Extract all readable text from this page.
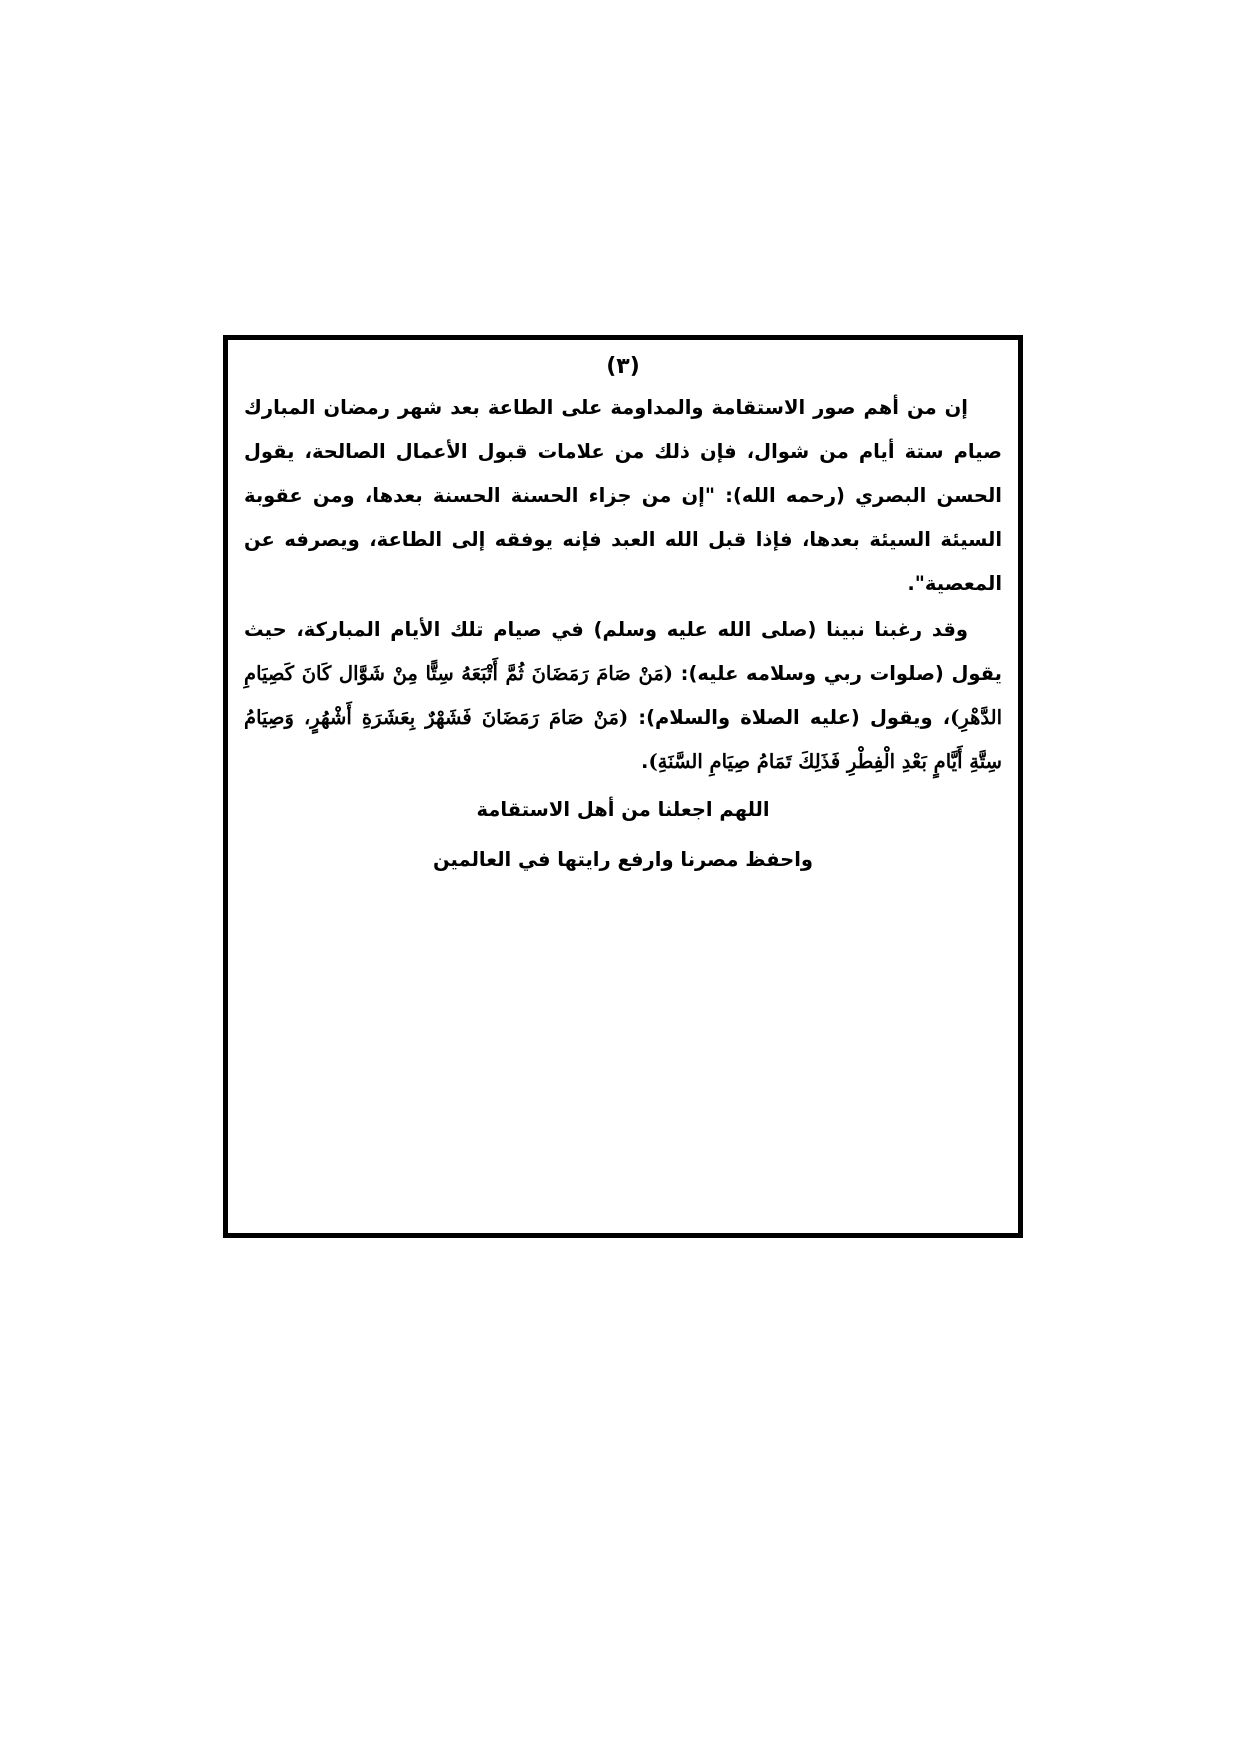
(٣)

إن من أهم صور الاستقامة والمداومة على الطاعة بعد شهر رمضان المبارك صيام ستة أيام من شوال، فإن ذلك من علامات قبول الأعمال الصالحة، يقول الحسن البصري (رحمه الله): "إن من جزاء الحسنة الحسنة بعدها، ومن عقوبة السيئة السيئة بعدها، فإذا قبل الله العبد فإنه يوفقه إلى الطاعة، ويصرفه عن المعصية".

وقد رغبنا نبينا (صلى الله عليه وسلم) في صيام تلك الأيام المباركة، حيث يقول (صلوات ربي وسلامه عليه): (مَنْ صَامَ رَمَضَانَ ثُمَّ أَتْبَعَهُ سِتًّا مِنْ شَوَّال كَانَ كَصِيَامِ الدَّهْرِ)، ويقول (عليه الصلاة والسلام): (مَنْ صَامَ رَمَضَانَ فَشَهْرٌ بِعَشَرَةِ أَشْهُرٍ، وَصِيَامُ سِتَّةِ أَيَّامٍ بَعْدِ الْفِطْرِ فَذَلِكَ تَمَامُ صِيَامِ السَّنَةِ).

اللهم اجعلنا من أهل الاستقامة
واحفظ مصرنا وارفع رايتها في العالمين
